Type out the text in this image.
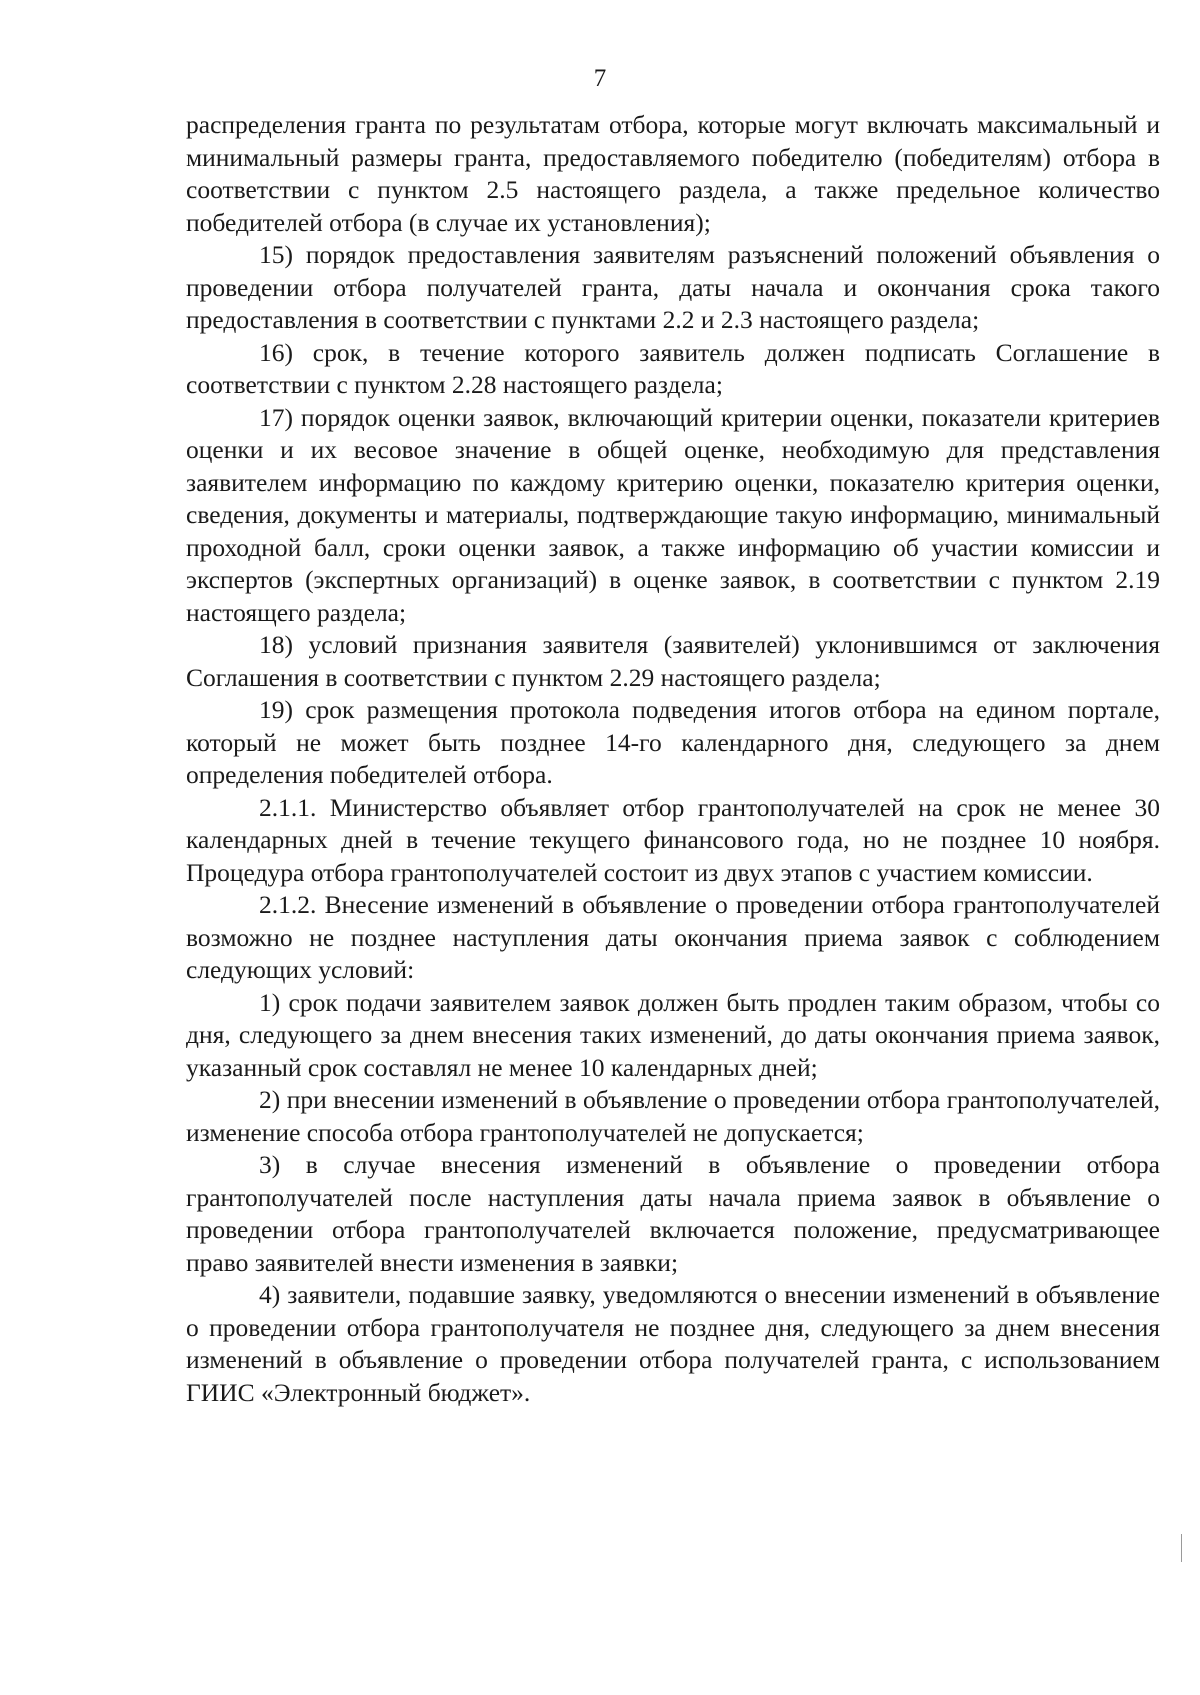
7

распределения гранта по результатам отбора, которые могут включать максимальный и минимальный размеры гранта, предоставляемого победителю (победителям) отбора в соответствии с пунктом 2.5 настоящего раздела, а также предельное количество победителей отбора (в случае их установления);

15) порядок предоставления заявителям разъяснений положений объявления о проведении отбора получателей гранта, даты начала и окончания срока такого предоставления в соответствии с пунктами 2.2 и 2.3 настоящего раздела;

16) срок, в течение которого заявитель должен подписать Соглашение в соответствии с пунктом 2.28 настоящего раздела;

17) порядок оценки заявок, включающий критерии оценки, показатели критериев оценки и их весовое значение в общей оценке, необходимую для представления заявителем информацию по каждому критерию оценки, показателю критерия оценки, сведения, документы и материалы, подтверждающие такую информацию, минимальный проходной балл, сроки оценки заявок, а также информацию об участии комиссии и экспертов (экспертных организаций) в оценке заявок, в соответствии с пунктом 2.19 настоящего раздела;

18) условий признания заявителя (заявителей) уклонившимся от заключения Соглашения в соответствии с пунктом 2.29 настоящего раздела;

19) срок размещения протокола подведения итогов отбора на едином портале, который не может быть позднее 14-го календарного дня, следующего за днем определения победителей отбора.

2.1.1. Министерство объявляет отбор грантополучателей на срок не менее 30 календарных дней в течение текущего финансового года, но не позднее 10 ноября. Процедура отбора грантополучателей состоит из двух этапов с участием комиссии.

2.1.2. Внесение изменений в объявление о проведении отбора грантополучателей возможно не позднее наступления даты окончания приема заявок с соблюдением следующих условий:

1) срок подачи заявителем заявок должен быть продлен таким образом, чтобы со дня, следующего за днем внесения таких изменений, до даты окончания приема заявок, указанный срок составлял не менее 10 календарных дней;

2) при внесении изменений в объявление о проведении отбора грантополучателей, изменение способа отбора грантополучателей не допускается;

3) в случае внесения изменений в объявление о проведении отбора грантополучателей после наступления даты начала приема заявок в объявление о проведении отбора грантополучателей включается положение, предусматривающее право заявителей внести изменения в заявки;

4) заявители, подавшие заявку, уведомляются о внесении изменений в объявление о проведении отбора грантополучателя не позднее дня, следующего за днем внесения изменений в объявление о проведении отбора получателей гранта, с использованием ГИИС «Электронный бюджет».
